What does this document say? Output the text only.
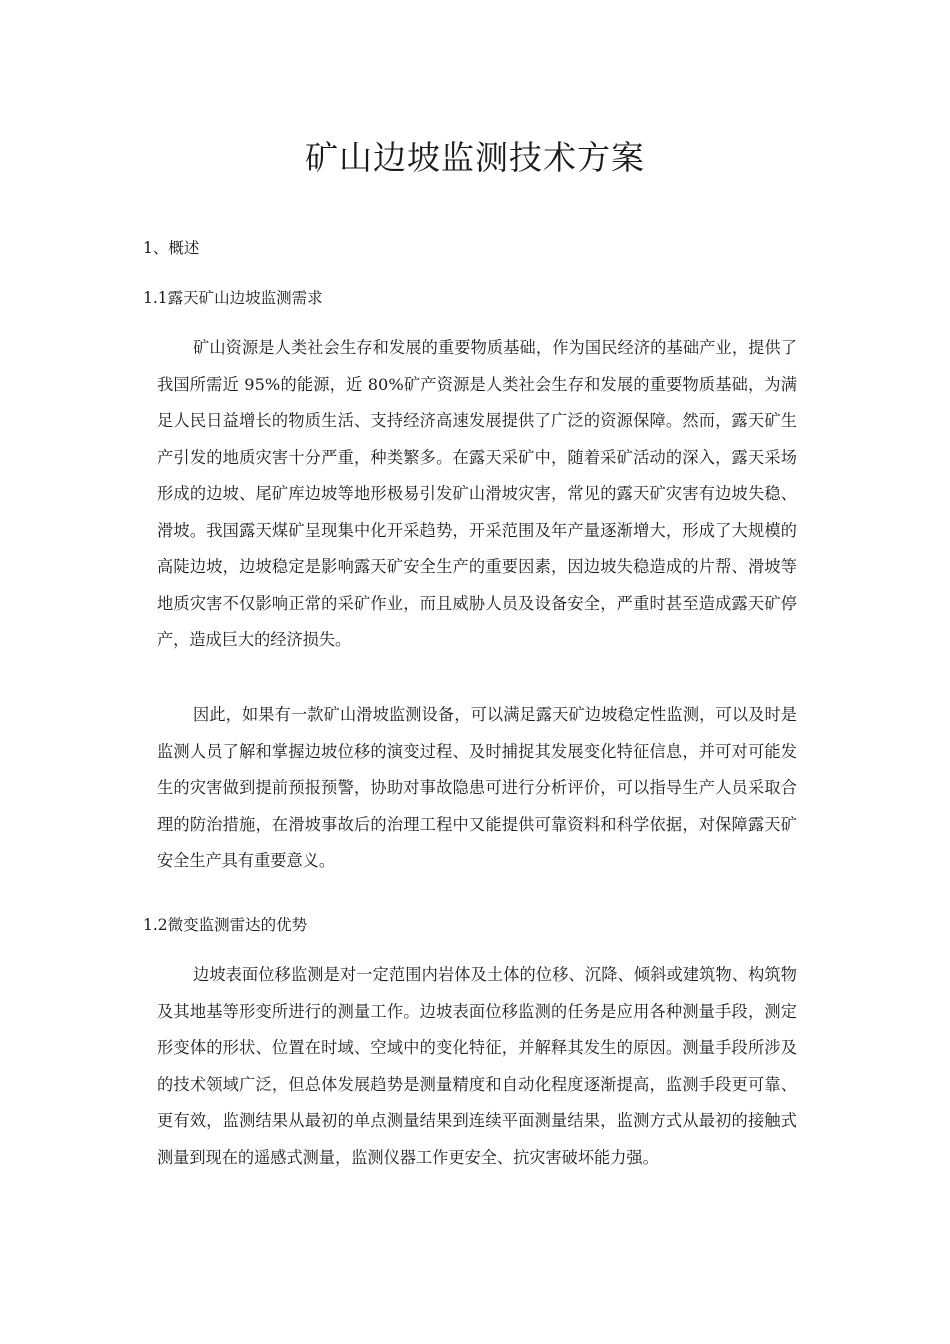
矿山边坡监测技术方案
1、概述
1.1露天矿山边坡监测需求
矿山资源是人类社会生存和发展的重要物质基础，作为国民经济的基础产业，提供了我国所需近 95%的能源，近 80%矿产资源是人类社会生存和发展的重要物质基础，为满足人民日益增长的物质生活、支持经济高速发展提供了广泛的资源保障。然而，露天矿生产引发的地质灾害十分严重，种类繁多。在露天采矿中，随着采矿活动的深入，露天采场形成的边坡、尾矿库边坡等地形极易引发矿山滑坡灾害，常见的露天矿灾害有边坡失稳、滑坡。我国露天煤矿呈现集中化开采趋势，开采范围及年产量逐渐增大，形成了大规模的高陡边坡，边坡稳定是影响露天矿安全生产的重要因素，因边坡失稳造成的片帮、滑坡等地质灾害不仅影响正常的采矿作业，而且威胁人员及设备安全，严重时甚至造成露天矿停产，造成巨大的经济损失。
因此，如果有一款矿山滑坡监测设备，可以满足露天矿边坡稳定性监测，可以及时是监测人员了解和掌握边坡位移的演变过程、及时捕捉其发展变化特征信息，并可对可能发生的灾害做到提前预报预警，协助对事故隐患可进行分析评价，可以指导生产人员采取合理的防治措施，在滑坡事故后的治理工程中又能提供可靠资料和科学依据，对保障露天矿安全生产具有重要意义。
1.2微变监测雷达的优势
边坡表面位移监测是对一定范围内岩体及土体的位移、沉降、倾斜或建筑物、构筑物及其地基等形变所进行的测量工作。边坡表面位移监测的任务是应用各种测量手段，测定形变体的形状、位置在时域、空域中的变化特征，并解释其发生的原因。测量手段所涉及的技术领域广泛，但总体发展趋势是测量精度和自动化程度逐渐提高，监测手段更可靠、更有效，监测结果从最初的单点测量结果到连续平面测量结果，监测方式从最初的接触式测量到现在的遥感式测量，监测仪器工作更安全、抗灾害破坏能力强。
